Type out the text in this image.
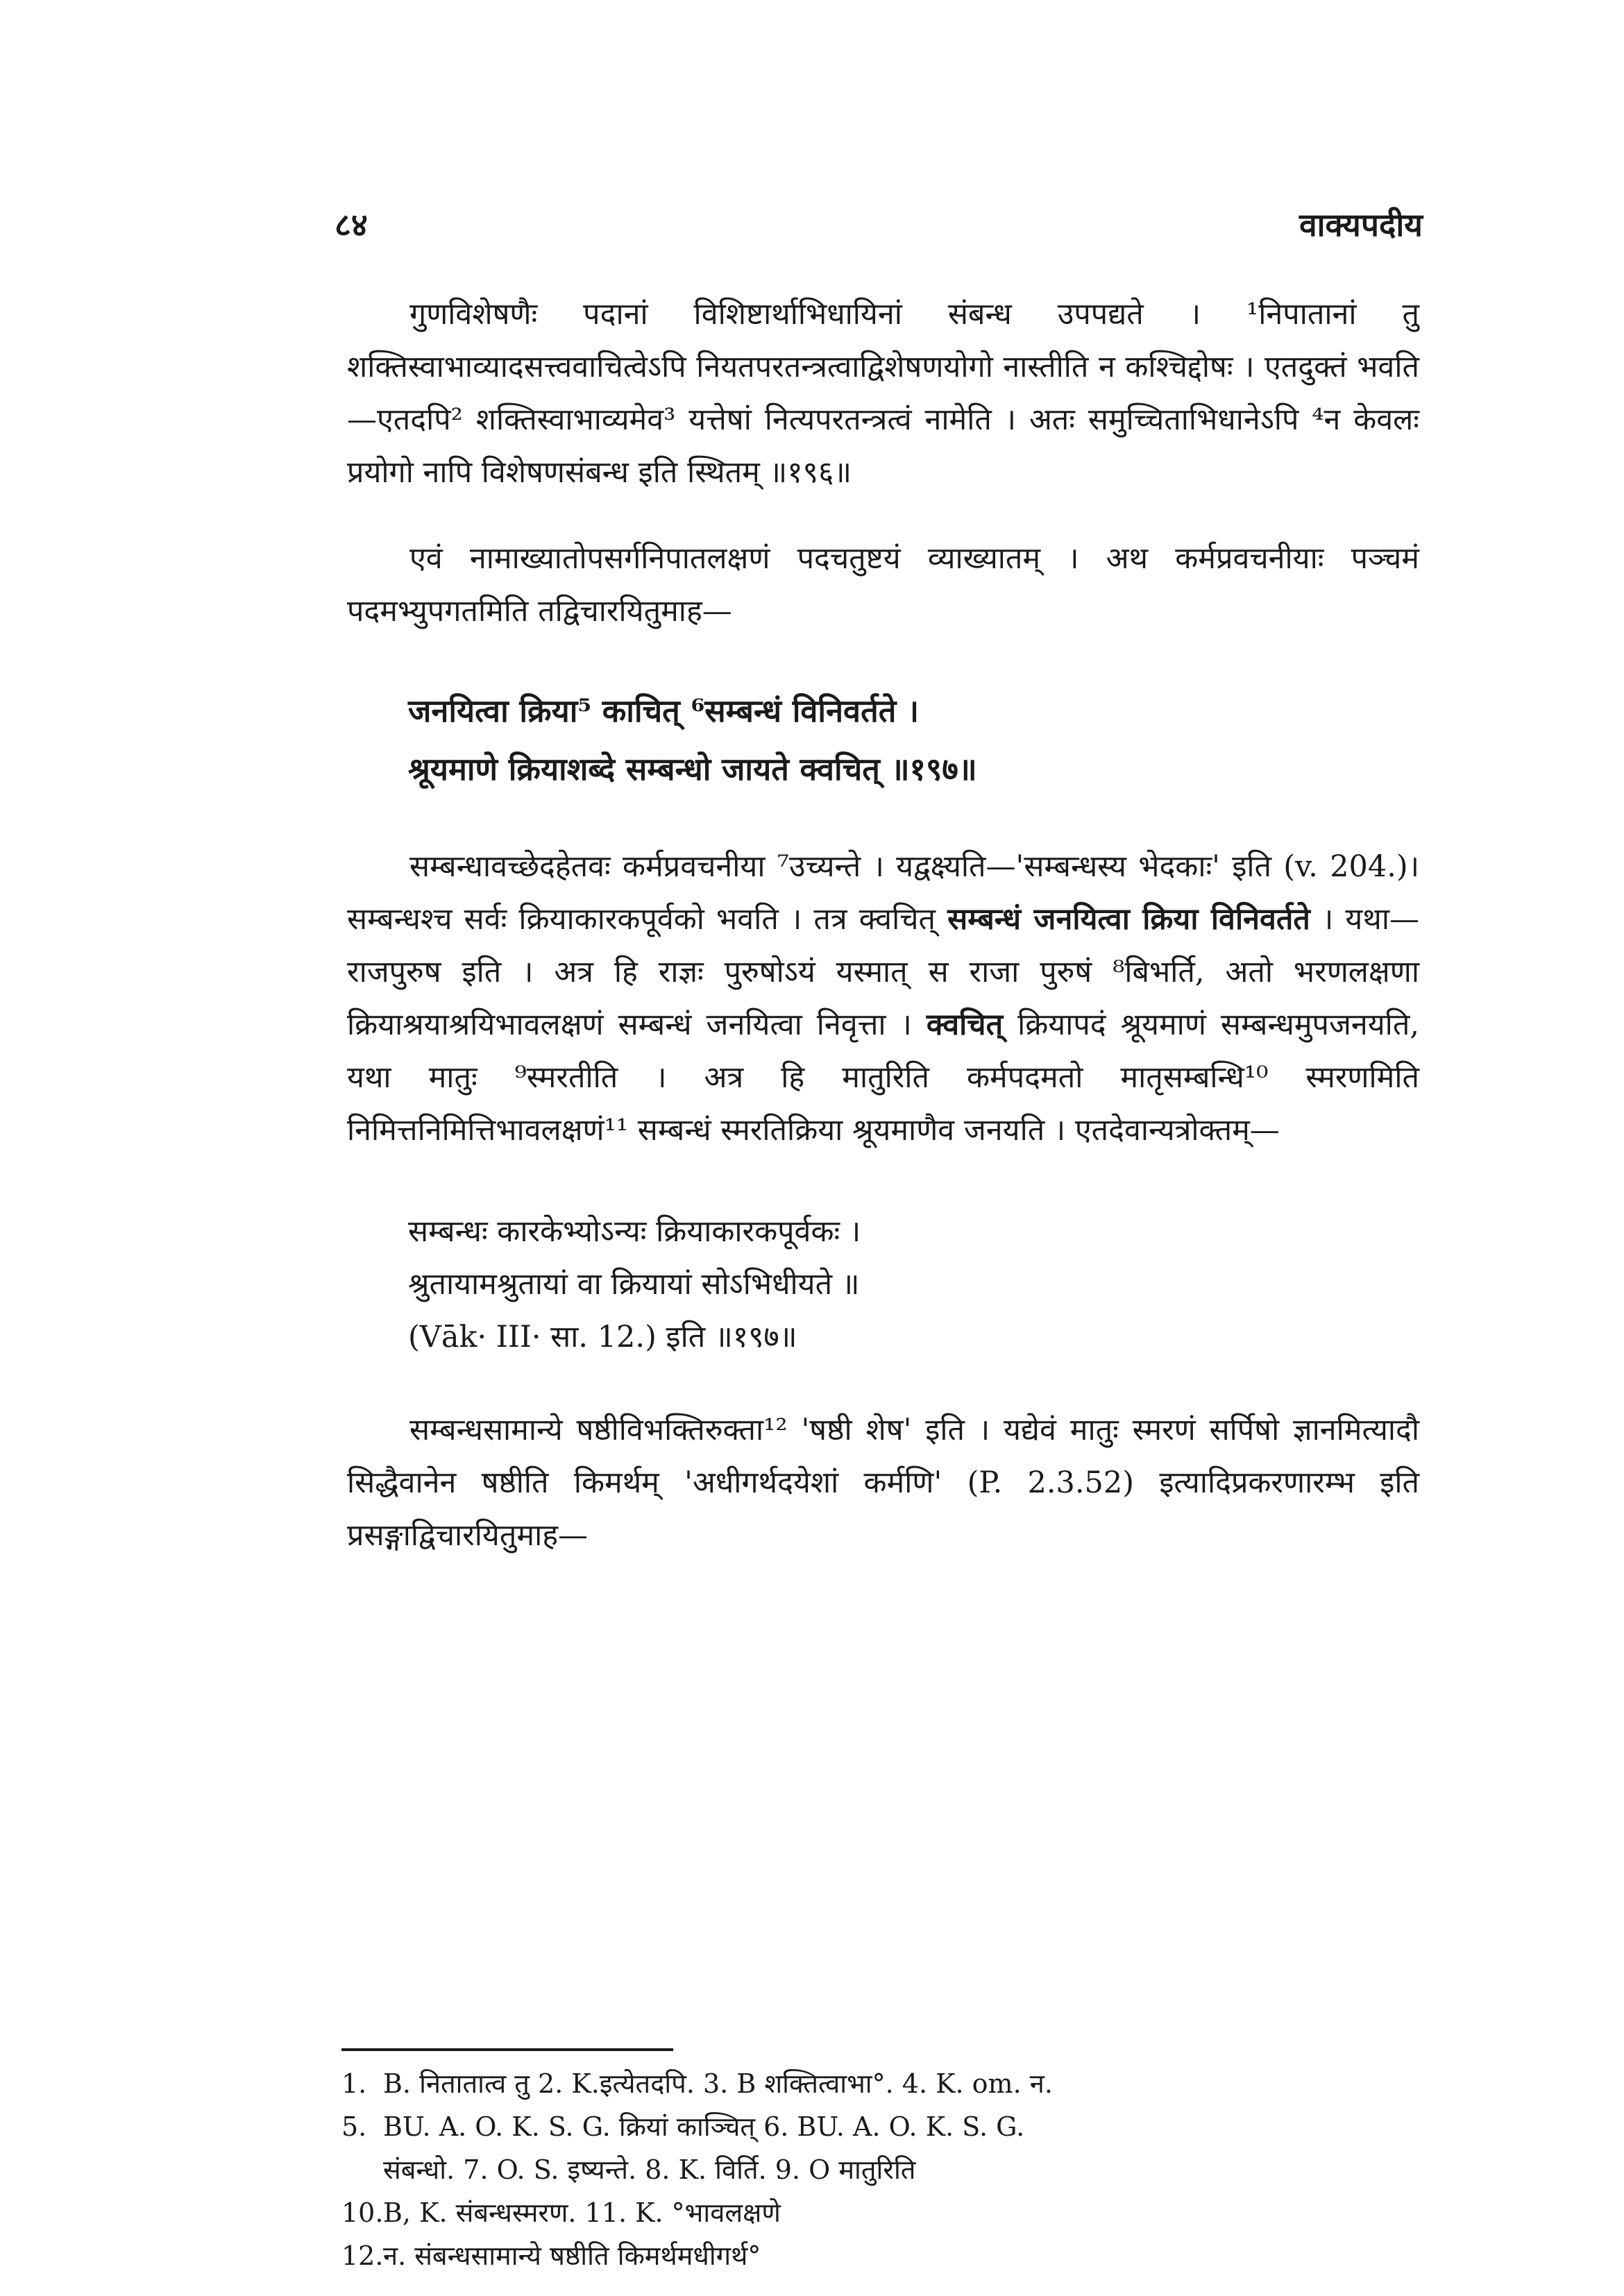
८४	वाक्यपदीय

गुणविशेषणैः पदानां विशिष्टार्थाभिधायिनां संबन्ध उपपद्यते । ¹निपातानां तु शक्तिस्वाभाव्यादसत्त्ववाचित्वेऽपि नियतपरतन्त्रत्वाद्विशेषणयोगो नास्तीति न कश्चिद्दोषः । एतदुक्तं भवति—एतदपि² शक्तिस्वाभाव्यमेव³ यत्तेषां नित्यपरतन्त्रत्वं नामेति । अतः समुच्चिताभिधानेऽपि ⁴न केवलः प्रयोगो नापि विशेषणसंबन्ध इति स्थितम् ॥१९६॥

एवं नामाख्यातोपसर्गनिपातलक्षणं पदचतुष्टयं व्याख्यातम् । अथ कर्मप्रवचनीयाः पञ्चमं पदमभ्युपगतमिति तद्विचारयितुमाह—

जनयित्वा क्रिया⁵ काचित् ⁶सम्बन्धं विनिवर्तते ।
श्रूयमाणे क्रियाशब्दे सम्बन्धो जायते क्वचित् ॥१९७॥

सम्बन्धावच्छेदहेतवः कर्मप्रवचनीया ⁷उच्यन्ते । यद्वक्ष्यति—'सम्बन्धस्य भेदकाः' इति (v. 204.)। सम्बन्धश्च सर्वः क्रियाकारकपूर्वको भवति । तत्र क्वचित् सम्बन्धं जनयित्वा क्रिया विनिवर्तते । यथा—राजपुरुष इति । अत्र हि राज्ञः पुरुषोऽयं यस्मात् स राजा पुरुषं ⁸बिभर्ति, अतो भरणलक्षणा क्रियाश्रयाश्रयिभावलक्षणं सम्बन्धं जनयित्वा निवृत्ता । क्वचित् क्रियापदं श्रूयमाणं सम्बन्धमुपजनयति, यथा मातुः ⁹स्मरतीति । अत्र हि मातुरिति कर्मपदमतो मातृसम्बन्धि¹⁰ स्मरणमिति निमित्तनिमित्तिभावलक्षणं¹¹ सम्बन्धं स्मरतिक्रिया श्रूयमाणैव जनयति । एतदेवान्यत्रोक्तम्—

सम्बन्धः कारकेभ्योऽन्यः क्रियाकारकपूर्वकः ।
श्रुतायामश्रुतायां वा क्रियायां सोऽभिधीयते ॥
(Vāk· III· सा. 12.) इति ॥१९७॥

सम्बन्धसामान्ये षष्ठीविभक्तिरुक्ता¹² 'षष्ठी शेष' इति । यद्येवं मातुः स्मरणं सर्पिषो ज्ञानमित्यादौ सिद्धैवानेन षष्ठीति किमर्थम् 'अधीगर्थदयेशां कर्मणि' (P. 2.3.52) इत्यादिप्रकरणारम्भ इति प्रसङ्गाद्विचारयितुमाह—

1. B. नितातात्व तु 2. K.इत्येतदपि. 3. B शक्तित्वाभा°. 4. K. om. न.

5. BU. A. O. K. S. G. क्रियां काञ्चित् 6. BU. A. O. K. S. G.

संबन्धो. 7. O. S. इष्यन्ते. 8. K. विर्ति. 9. O मातुरिति

10.B, K. संबन्धस्मरण. 11. K. °भावलक्षणे

12.न. संबन्धसामान्ये षष्ठीति किमर्थमधीगर्थ°
